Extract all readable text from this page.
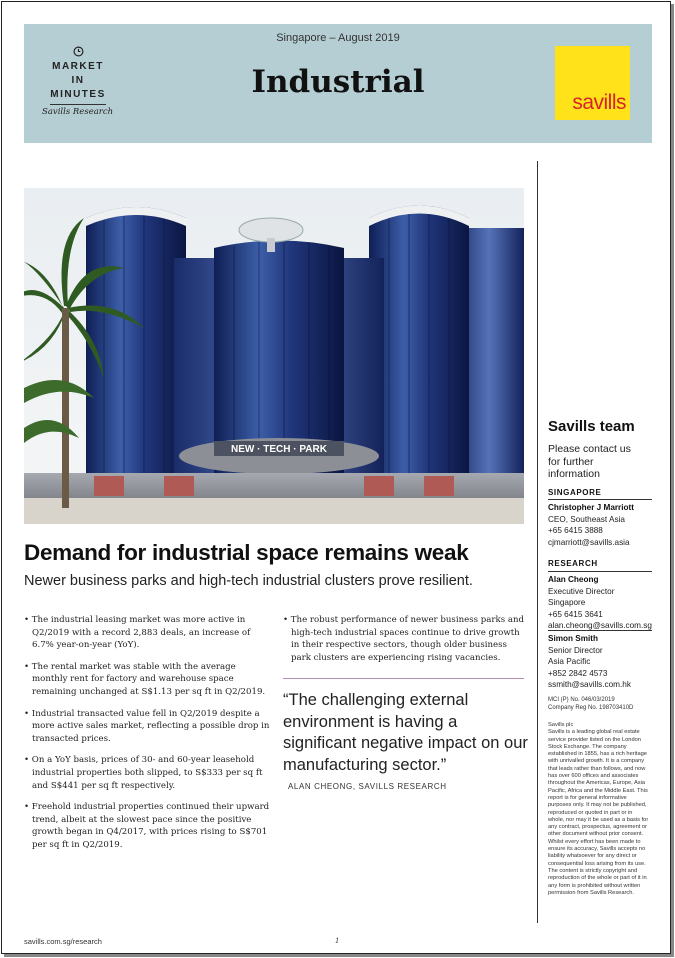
Singapore – August 2019
Industrial
MARKET
IN
MINUTES
Savills Research	savills
NEW · TECH · PARK
Demand for industrial space remains weak
Newer business parks and high-tech industrial clusters prove resilient.

• The industrial leasing market was more active in Q2/2019 with a record 2,883 deals, an increase of 6.7% year-on-year (YoY).

• The rental market was stable with the average monthly rent for factory and warehouse space remaining unchanged at S$1.13 per sq ft in Q2/2019.

• Industrial transacted value fell in Q2/2019 despite a more active sales market, reflecting a possible drop in transacted prices.

• On a YoY basis, prices of 30- and 60-year leasehold industrial properties both slipped, to S$333 per sq ft and S$441 per sq ft respectively.

• Freehold industrial properties continued their upward trend, albeit at the slowest pace since the positive growth began in Q4/2017, with prices rising to S$701 per sq ft in Q2/2019.

• The robust performance of newer business parks and high-tech industrial spaces continue to drive growth in their respective sectors, though older business park clusters are experiencing rising vacancies.

“The challenging external environment is having a significant negative impact on our manufacturing sector.”
ALAN CHEONG, SAVILLS RESEARCH
Savills team
Please contact us for further information
SINGAPORE
Christopher J Marriott
CEO, Southeast Asia
+65 6415 3888
cjmarriott@savills.asia
RESEARCH
Alan Cheong
Executive Director Singapore
+65 6415 3641
alan.cheong@savills.com.sg
Simon Smith
Senior Director Asia Pacific
+852 2842 4573
ssmith@savills.com.hk
MCI (P) No. 046/03/2019
Company Reg No. 198703410D
Savills plc
Savills is a leading global real estate service provider listed on the London Stock Exchange. The company established in 1855, has a rich heritage with unrivalled growth. It is a company that leads rather than follows, and now has over 600 offices and associates throughout the Americas, Europe, Asia Pacific, Africa and the Middle East. This report is for general informative purposes only. It may not be published, reproduced or quoted in part or in whole, nor may it be used as a basis for any contract, prospectus, agreement or other document without prior consent. Whilst every effort has been made to ensure its accuracy, Savills accepts no liability whatsoever for any direct or consequential loss arising from its use. The content is strictly copyright and reproduction of the whole or part of it in any form is prohibited without written permission from Savills Research.
savills.com.sg/research	1
